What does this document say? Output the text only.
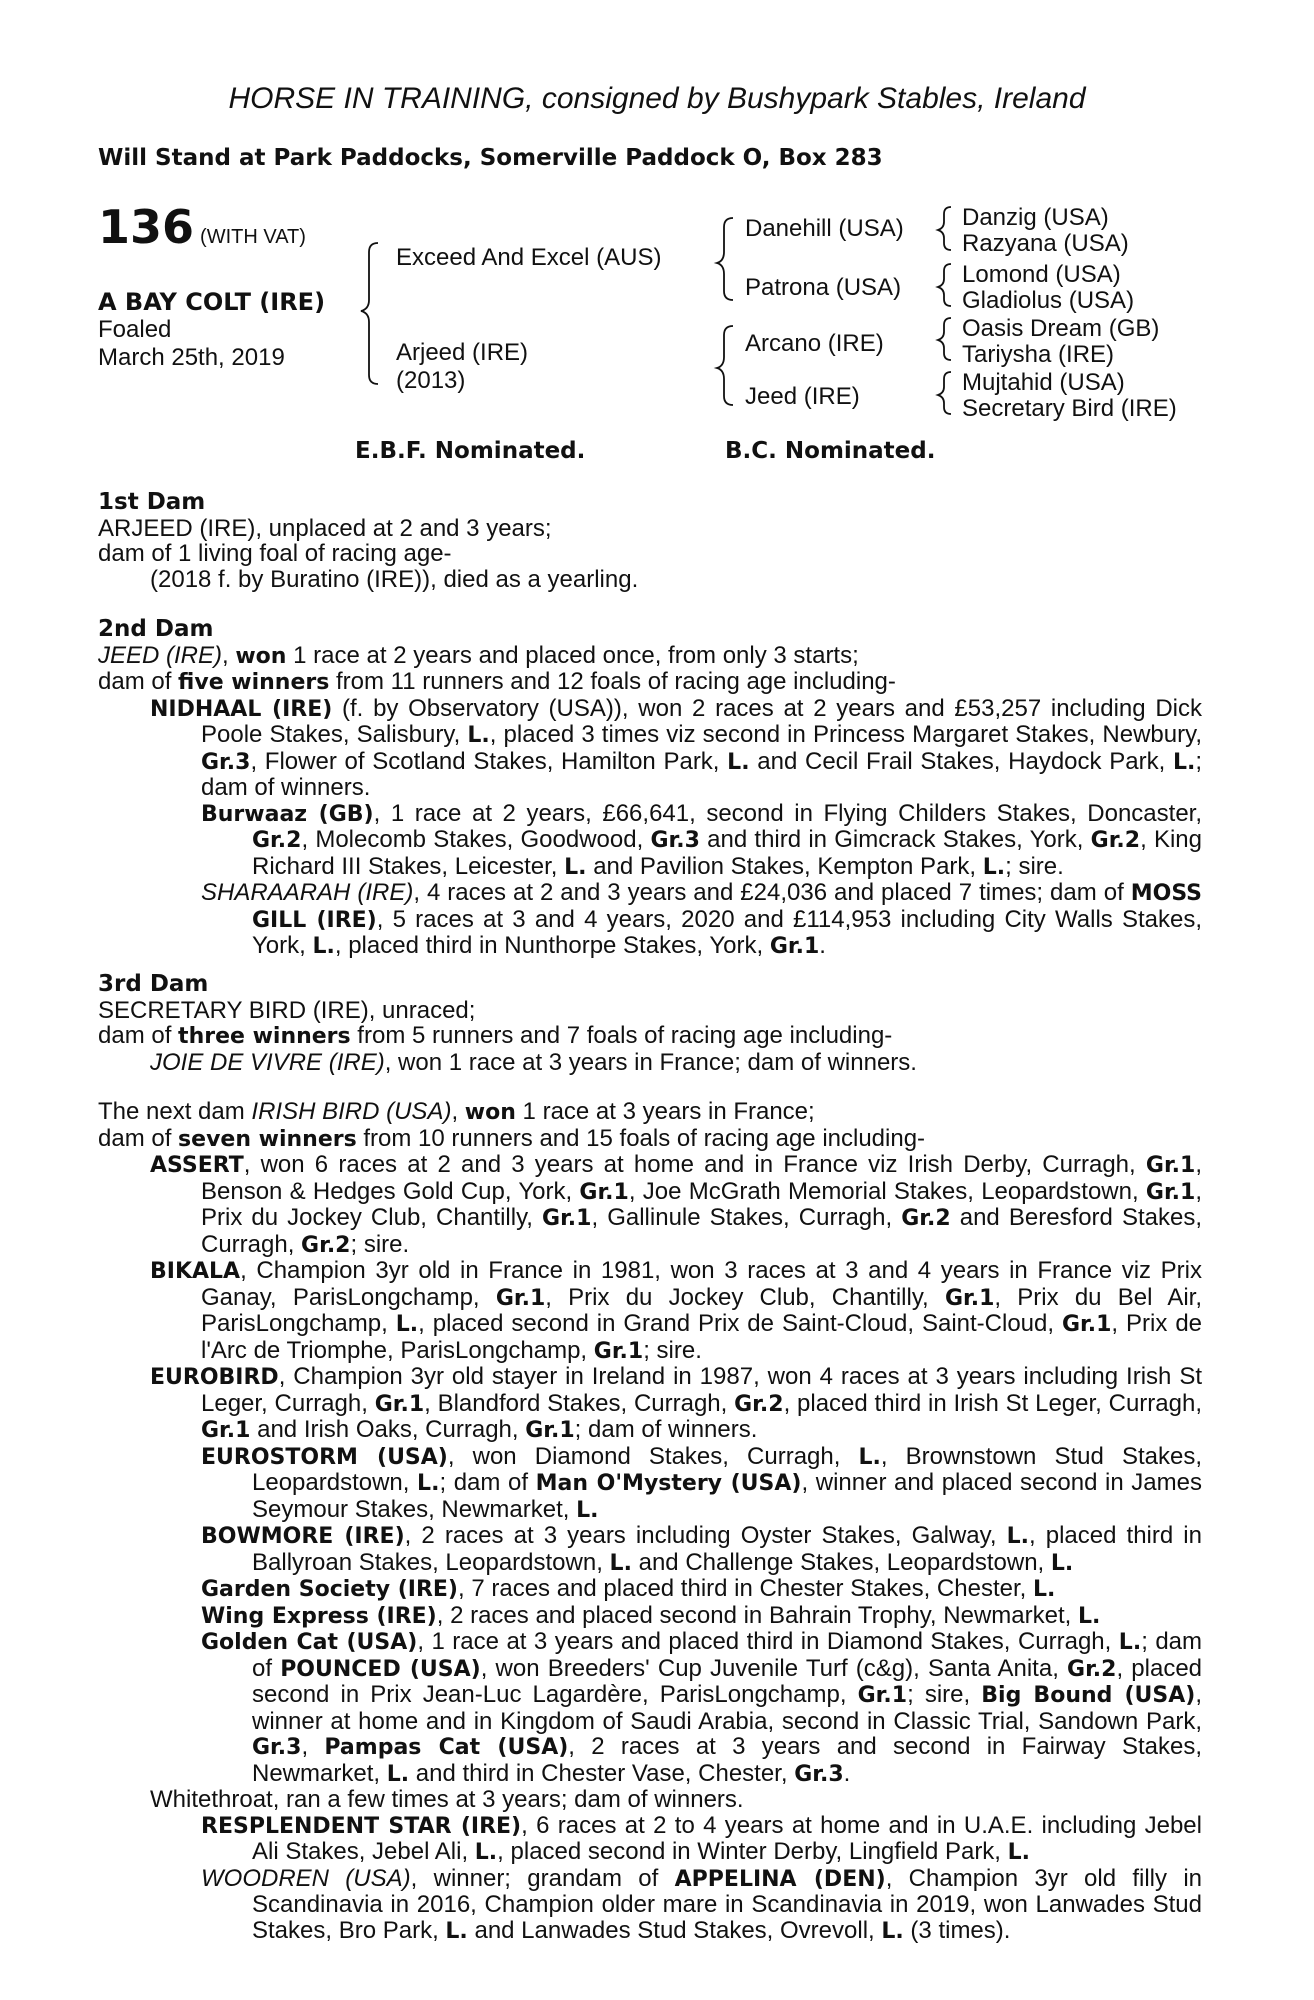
HORSE IN TRAINING, consigned by Bushypark Stables, Ireland
Will Stand at Park Paddocks, Somerville Paddock O, Box 283
136 (WITH VAT)
A BAY COLT (IRE)
Foaled
March 25th, 2019
Exceed And Excel (AUS)
Arjeed (IRE)
(2013)
Danehill (USA)
Patrona (USA)
Arcano (IRE)
Jeed (IRE)
Danzig (USA)
Razyana (USA)
Lomond (USA)
Gladiolus (USA)
Oasis Dream (GB)
Tariysha (IRE)
Mujtahid (USA)
Secretary Bird (IRE)
E.B.F. Nominated.	B.C. Nominated.

1st Dam

ARJEED (IRE), unplaced at 2 and 3 years;

dam of 1 living foal of racing age-

(2018 f. by Buratino (IRE)), died as a yearling.

2nd Dam

JEED (IRE), won 1 race at 2 years and placed once, from only 3 starts;

dam of five winners from 11 runners and 12 foals of racing age including-

NIDHAAL (IRE) (f. by Observatory (USA)), won 2 races at 2 years and £53,257 including Dick Poole Stakes, Salisbury, L., placed 3 times viz second in Princess Margaret Stakes, Newbury, Gr.3, Flower of Scotland Stakes, Hamilton Park, L. and Cecil Frail Stakes, Haydock Park, L.; dam of winners.

Burwaaz (GB), 1 race at 2 years, £66,641, second in Flying Childers Stakes, Doncaster, Gr.2, Molecomb Stakes, Goodwood, Gr.3 and third in Gimcrack Stakes, York, Gr.2, King Richard III Stakes, Leicester, L. and Pavilion Stakes, Kempton Park, L.; sire.

SHARAARAH (IRE), 4 races at 2 and 3 years and £24,036 and placed 7 times; dam of MOSS GILL (IRE), 5 races at 3 and 4 years, 2020 and £114,953 including City Walls Stakes, York, L., placed third in Nunthorpe Stakes, York, Gr.1.

3rd Dam

SECRETARY BIRD (IRE), unraced;

dam of three winners from 5 runners and 7 foals of racing age including-

JOIE DE VIVRE (IRE), won 1 race at 3 years in France; dam of winners.

The next dam IRISH BIRD (USA), won 1 race at 3 years in France;

dam of seven winners from 10 runners and 15 foals of racing age including-

ASSERT, won 6 races at 2 and 3 years at home and in France viz Irish Derby, Curragh, Gr.1, Benson & Hedges Gold Cup, York, Gr.1, Joe McGrath Memorial Stakes, Leopardstown, Gr.1, Prix du Jockey Club, Chantilly, Gr.1, Gallinule Stakes, Curragh, Gr.2 and Beresford Stakes, Curragh, Gr.2; sire.

BIKALA, Champion 3yr old in France in 1981, won 3 races at 3 and 4 years in France viz Prix Ganay, ParisLongchamp, Gr.1, Prix du Jockey Club, Chantilly, Gr.1, Prix du Bel Air, ParisLongchamp, L., placed second in Grand Prix de Saint-Cloud, Saint-Cloud, Gr.1, Prix de l'Arc de Triomphe, ParisLongchamp, Gr.1; sire.

EUROBIRD, Champion 3yr old stayer in Ireland in 1987, won 4 races at 3 years including Irish St Leger, Curragh, Gr.1, Blandford Stakes, Curragh, Gr.2, placed third in Irish St Leger, Curragh, Gr.1 and Irish Oaks, Curragh, Gr.1; dam of winners.

EUROSTORM (USA), won Diamond Stakes, Curragh, L., Brownstown Stud Stakes, Leopardstown, L.; dam of Man O'Mystery (USA), winner and placed second in James Seymour Stakes, Newmarket, L.

BOWMORE (IRE), 2 races at 3 years including Oyster Stakes, Galway, L., placed third in Ballyroan Stakes, Leopardstown, L. and Challenge Stakes, Leopardstown, L.

Garden Society (IRE), 7 races and placed third in Chester Stakes, Chester, L.

Wing Express (IRE), 2 races and placed second in Bahrain Trophy, Newmarket, L.

Golden Cat (USA), 1 race at 3 years and placed third in Diamond Stakes, Curragh, L.; dam of POUNCED (USA), won Breeders' Cup Juvenile Turf (c&g), Santa Anita, Gr.2, placed second in Prix Jean-Luc Lagardère, ParisLongchamp, Gr.1; sire, Big Bound (USA), winner at home and in Kingdom of Saudi Arabia, second in Classic Trial, Sandown Park, Gr.3, Pampas Cat (USA), 2 races at 3 years and second in Fairway Stakes, Newmarket, L. and third in Chester Vase, Chester, Gr.3.

Whitethroat, ran a few times at 3 years; dam of winners.

RESPLENDENT STAR (IRE), 6 races at 2 to 4 years at home and in U.A.E. including Jebel Ali Stakes, Jebel Ali, L., placed second in Winter Derby, Lingfield Park, L.

WOODREN (USA), winner; grandam of APPELINA (DEN), Champion 3yr old filly in Scandinavia in 2016, Champion older mare in Scandinavia in 2019, won Lanwades Stud Stakes, Bro Park, L. and Lanwades Stud Stakes, Ovrevoll, L. (3 times).
